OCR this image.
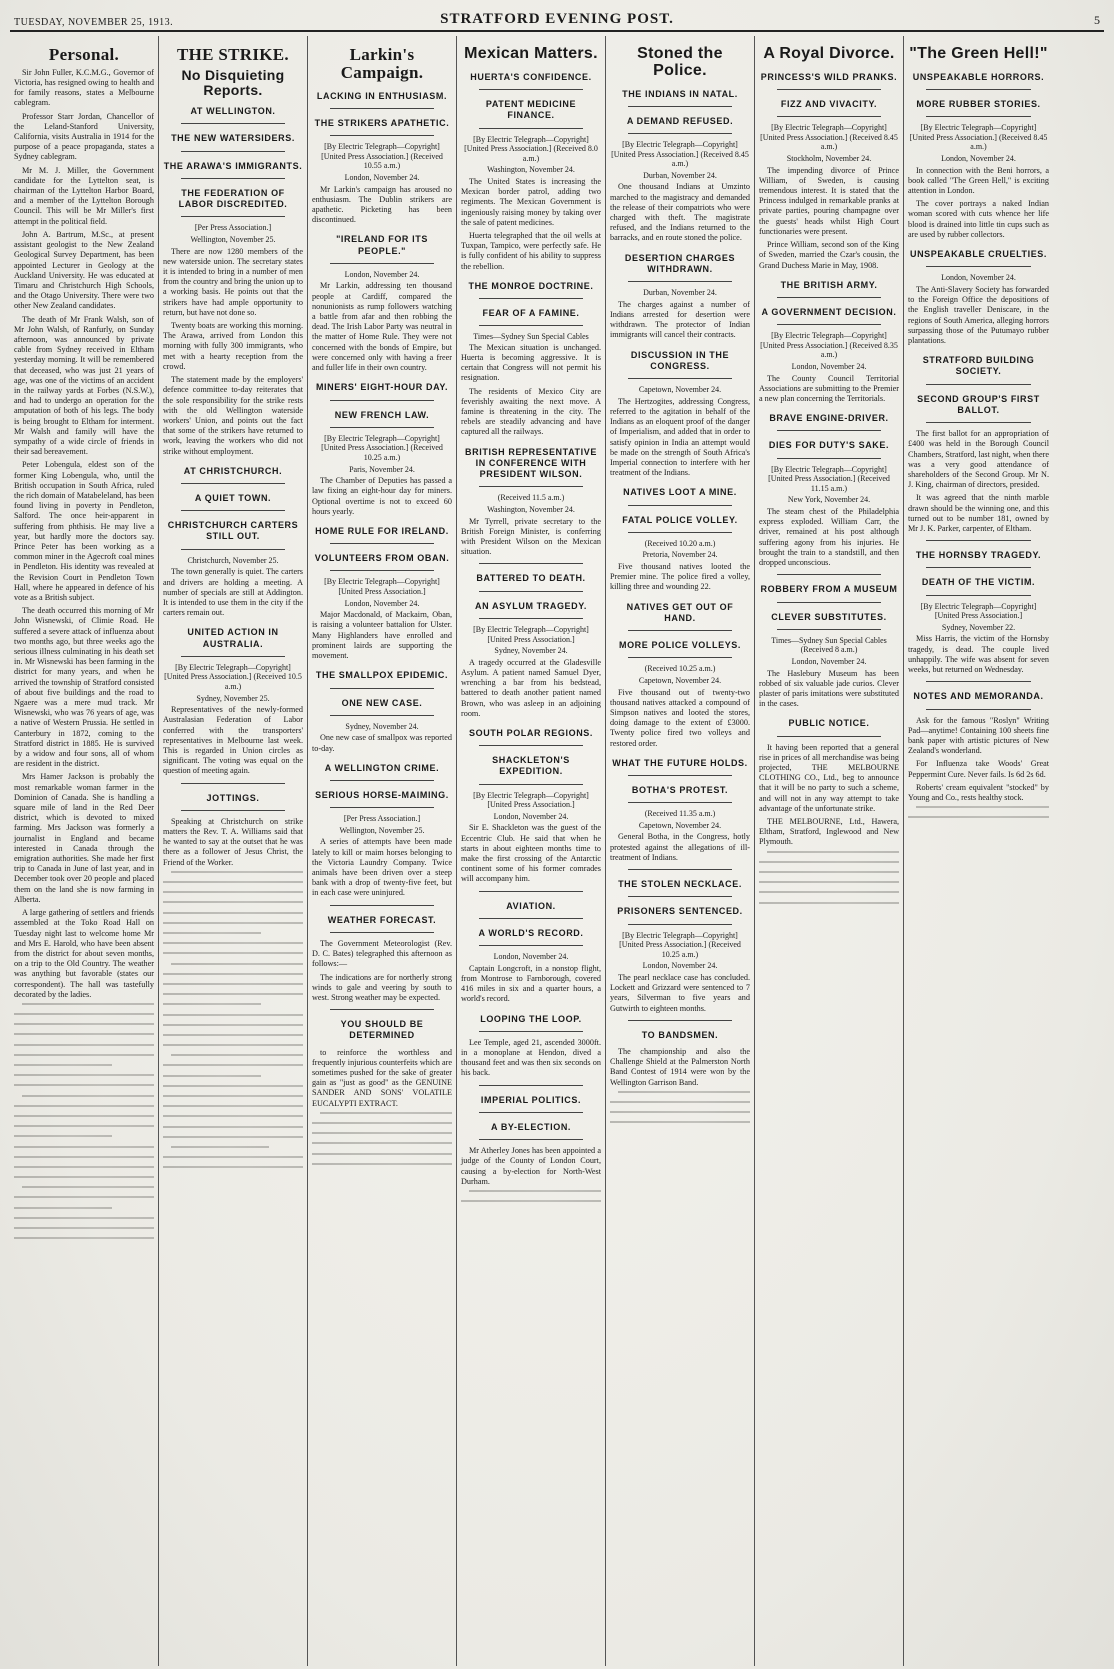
TUESDAY, NOVEMBER 25, 1913.	STRATFORD EVENING POST.	5
Personal.
Sir John Fuller, K.C.M.G., Governor of Victoria, has resigned owing to health and for family reasons, states a Melbourne cablegram.
Professor Starr Jordan, Chancellor of the Leland-Stanford University, California, visits Australia in 1914 for the purpose of a peace propaganda, states a Sydney cablegram.
Mr M. J. Miller, the Government candidate for the Lyttelton seat, is chairman of the Lyttelton Harbor Board, and a member of the Lyttelton Borough Council. This will be Mr Miller's first attempt in the political field.
John A. Bartrum, M.Sc., at present assistant geologist to the New Zealand Geological Survey Department, has been appointed Lecturer in Geology at the Auckland University. He was educated at Timaru and Christchurch High Schools, and the Otago University. There were two other New Zealand candidates.
The death of Mr Frank Walsh, son of Mr John Walsh, of Ranfurly, on Sunday afternoon, was announced by private cable from Sydney received in Eltham yesterday morning. It will be remembered that deceased, who was just 21 years of age, was one of the victims of an accident in the railway yards at Forbes (N.S.W.), and had to undergo an operation for the amputation of both of his legs. The body is being brought to Eltham for interment. Mr Walsh and family will have the sympathy of a wide circle of friends in their sad bereavement.
Peter Lobengula, eldest son of the former King Lobengula, who, until the British occupation in South Africa, ruled the rich domain of Matabeleland, has been found living in poverty in Pendleton, Salford. The once heir-apparent in suffering from phthisis. He may live a year, but hardly more the doctors say. Prince Peter has been working as a common miner in the Agecroft coal mines in Pendleton. His identity was revealed at the Revision Court in Pendleton Town Hall, where he appeared in defence of his vote as a British subject.
The death occurred this morning of Mr John Wisnewski, of Climie Road. He suffered a severe attack of influenza about two months ago, but three weeks ago the serious illness culminating in his death set in. Mr Wisnewski has been farming in the district for many years, and when he arrived the township of Stratford consisted of about five buildings and the road to Ngaere was a mere mud track. Mr Wisnewski, who was 76 years of age, was a native of Western Prussia. He settled in Canterbury in 1872, coming to the Stratford district in 1885. He is survived by a widow and four sons, all of whom are resident in the district.
Mrs Hamer Jackson is probably the most remarkable woman farmer in the Dominion of Canada. She is handling a square mile of land in the Red Deer district, which is devoted to mixed farming. Mrs Jackson was formerly a journalist in England and became interested in Canada through the emigration authorities. She made her first trip to Canada in June of last year, and in December took over 20 people and placed them on the land she is now farming in Alberta.
A large gathering of settlers and friends assembled at the Toko Road Hall on Tuesday night last to welcome home Mr and Mrs E. Harold, who have been absent from the district for about seven months, on a trip to the Old Country. The weather was anything but favorable (states our correspondent). The hall was tastefully decorated by the ladies.
THE STRIKE.
No Disquieting Reports.
AT WELLINGTON.
THE NEW WATERSIDERS.
THE ARAWA'S IMMIGRANTS.
THE FEDERATION OF LABOR DISCREDITED.
[Per Press Association.]
Wellington, November 25.
There are now 1280 members of the new waterside union. The secretary states it is intended to bring in a number of men from the country and bring the union up to a working basis. He points out that the strikers have had ample opportunity to return, but have not done so.
Twenty boats are working this morning. The Arawa, arrived from London this morning with fully 300 immigrants, who met with a hearty reception from the crowd.
The statement made by the employers' defence committee to-day reiterates that the sole responsibility for the strike rests with the old Wellington waterside workers' Union, and points out the fact that some of the strikers have returned to work, leaving the workers who did not strike without employment.
AT CHRISTCHURCH.
A QUIET TOWN.
CHRISTCHURCH CARTERS STILL OUT.
Christchurch, November 25.
The town generally is quiet. The carters and drivers are holding a meeting. A number of specials are still at Addington. It is intended to use them in the city if the carters remain out.
UNITED ACTION IN AUSTRALIA.
[By Electric Telegraph—Copyright] [United Press Association.] (Received 10.5 a.m.)
Sydney, November 25.
Representatives of the newly-formed Australasian Federation of Labor conferred with the transporters' representatives in Melbourne last week. This is regarded in Union circles as significant. The voting was equal on the question of meeting again.
JOTTINGS.
Speaking at Christchurch on strike matters the Rev. T. A. Williams said that he wanted to say at the outset that he was there as a follower of Jesus Christ, the Friend of the Worker.
Larkin's Campaign.
LACKING IN ENTHUSIASM.
THE STRIKERS APATHETIC.
[By Electric Telegraph—Copyright] [United Press Association.] (Received 10.55 a.m.)
London, November 24.
Mr Larkin's campaign has aroused no enthusiasm. The Dublin strikers are apathetic. Picketing has been discontinued.
"IRELAND FOR ITS PEOPLE."
London, November 24.
Mr Larkin, addressing ten thousand people at Cardiff, compared the nonunionists as rump followers watching a battle from afar and then robbing the dead. The Irish Labor Party was neutral in the matter of Home Rule. They were not concerned with the bonds of Empire, but were concerned only with having a freer and fuller life in their own country.
MINERS' EIGHT-HOUR DAY.
NEW FRENCH LAW.
[By Electric Telegraph—Copyright] [United Press Association.] (Received 10.25 a.m.)
Paris, November 24.
The Chamber of Deputies has passed a law fixing an eight-hour day for miners. Optional overtime is not to exceed 60 hours yearly.
HOME RULE FOR IRELAND.
VOLUNTEERS FROM OBAN.
[By Electric Telegraph—Copyright] [United Press Association.]
London, November 24.
Major Macdonald, of Mackairn, Oban, is raising a volunteer battalion for Ulster. Many Highlanders have enrolled and prominent lairds are supporting the movement.
THE SMALLPOX EPIDEMIC.
ONE NEW CASE.
Sydney, November 24.
One new case of smallpox was reported to-day.
A WELLINGTON CRIME.
SERIOUS HORSE-MAIMING.
[Per Press Association.]
Wellington, November 25.
A series of attempts have been made lately to kill or maim horses belonging to the Victoria Laundry Company. Twice animals have been driven over a steep bank with a drop of twenty-five feet, but in each case were uninjured.
WEATHER FORECAST.
The Government Meteorologist (Rev. D. C. Bates) telegraphed this afternoon as follows:—
The indications are for northerly strong winds to gale and veering by south to west. Strong weather may be expected.
YOU SHOULD BE DETERMINED
to reinforce the worthless and frequently injurious counterfeits which are sometimes pushed for the sake of greater gain as "just as good" as the GENUINE SANDER AND SONS' VOLATILE EUCALYPTI EXTRACT.
Mexican Matters.
HUERTA'S CONFIDENCE.
PATENT MEDICINE FINANCE.
[By Electric Telegraph—Copyright] [United Press Association.] (Received 8.0 a.m.)
Washington, November 24.
The United States is increasing the Mexican border patrol, adding two regiments. The Mexican Government is ingeniously raising money by taking over the sale of patent medicines.
Huerta telegraphed that the oil wells at Tuxpan, Tampico, were perfectly safe. He is fully confident of his ability to suppress the rebellion.
THE MONROE DOCTRINE.
FEAR OF A FAMINE.
Times—Sydney Sun Special Cables
The Mexican situation is unchanged. Huerta is becoming aggressive. It is certain that Congress will not permit his resignation.
The residents of Mexico City are feverishly awaiting the next move. A famine is threatening in the city. The rebels are steadily advancing and have captured all the railways.
BRITISH REPRESENTATIVE IN CONFERENCE WITH PRESIDENT WILSON.
(Received 11.5 a.m.)
Washington, November 24.
Mr Tyrrell, private secretary to the British Foreign Minister, is conferring with President Wilson on the Mexican situation.
BATTERED TO DEATH.
AN ASYLUM TRAGEDY.
[By Electric Telegraph—Copyright] [United Press Association.]
Sydney, November 24.
A tragedy occurred at the Gladesville Asylum. A patient named Samuel Dyer, wrenching a bar from his bedstead, battered to death another patient named Brown, who was asleep in an adjoining room.
SOUTH POLAR REGIONS.
SHACKLETON'S EXPEDITION.
[By Electric Telegraph—Copyright] [United Press Association.]
London, November 24.
Sir E. Shackleton was the guest of the Eccentric Club. He said that when he starts in about eighteen months time to make the first crossing of the Antarctic continent some of his former comrades will accompany him.
AVIATION.
A WORLD'S RECORD.
London, November 24.
Captain Longcroft, in a nonstop flight, from Montrose to Farnborough, covered 416 miles in six and a quarter hours, a world's record.
LOOPING THE LOOP.
Lee Temple, aged 21, ascended 3000ft. in a monoplane at Hendon, dived a thousand feet and was then six seconds on his back.
IMPERIAL POLITICS.
A BY-ELECTION.
Mr Atherley Jones has been appointed a judge of the County of London Court, causing a by-election for North-West Durham.
Stoned the Police.
THE INDIANS IN NATAL.
A DEMAND REFUSED.
[By Electric Telegraph—Copyright] [United Press Association.] (Received 8.45 a.m.)
Durban, November 24.
One thousand Indians at Umzinto marched to the magistracy and demanded the release of their compatriots who were charged with theft. The magistrate refused, and the Indians returned to the barracks, and en route stoned the police.
DESERTION CHARGES WITHDRAWN.
Durban, November 24.
The charges against a number of Indians arrested for desertion were withdrawn. The protector of Indian immigrants will cancel their contracts.
DISCUSSION IN THE CONGRESS.
Capetown, November 24.
The Hertzogites, addressing Congress, referred to the agitation in behalf of the Indians as an eloquent proof of the danger of Imperialism, and added that in order to satisfy opinion in India an attempt would be made on the strength of South Africa's Imperial connection to interfere with her treatment of the Indians.
NATIVES LOOT A MINE.
FATAL POLICE VOLLEY.
(Received 10.20 a.m.)
Pretoria, November 24.
Five thousand natives looted the Premier mine. The police fired a volley, killing three and wounding 22.
NATIVES GET OUT OF HAND.
MORE POLICE VOLLEYS.
(Received 10.25 a.m.)
Capetown, November 24.
Five thousand out of twenty-two thousand natives attacked a compound of Simpson natives and looted the stores, doing damage to the extent of £3000. Twenty police fired two volleys and restored order.
WHAT THE FUTURE HOLDS.
BOTHA'S PROTEST.
(Received 11.35 a.m.)
Capetown, November 24.
General Botha, in the Congress, hotly protested against the allegations of ill-treatment of Indians.
THE STOLEN NECKLACE.
PRISONERS SENTENCED.
[By Electric Telegraph—Copyright] [United Press Association.] (Received 10.25 a.m.)
London, November 24.
The pearl necklace case has concluded. Lockett and Grizzard were sentenced to 7 years, Silverman to five years and Gutwirth to eighteen months.
TO BANDSMEN.
The championship and also the Challenge Shield at the Palmerston North Band Contest of 1914 were won by the Wellington Garrison Band.
A Royal Divorce.
PRINCESS'S WILD PRANKS.
FIZZ AND VIVACITY.
[By Electric Telegraph—Copyright] [United Press Association.] (Received 8.45 a.m.)
Stockholm, November 24.
The impending divorce of Prince William, of Sweden, is causing tremendous interest. It is stated that the Princess indulged in remarkable pranks at private parties, pouring champagne over the guests' heads whilst High Court functionaries were present.
Prince William, second son of the King of Sweden, married the Czar's cousin, the Grand Duchess Marie in May, 1908.
THE BRITISH ARMY.
A GOVERNMENT DECISION.
[By Electric Telegraph—Copyright] [United Press Association.] (Received 8.35 a.m.)
London, November 24.
The County Council Territorial Associations are submitting to the Premier a new plan concerning the Territorials.
BRAVE ENGINE-DRIVER.
DIES FOR DUTY'S SAKE.
[By Electric Telegraph—Copyright] [United Press Association.] (Received 11.15 a.m.)
New York, November 24.
The steam chest of the Philadelphia express exploded. William Carr, the driver, remained at his post although suffering agony from his injuries. He brought the train to a standstill, and then dropped unconscious.
ROBBERY FROM A MUSEUM
CLEVER SUBSTITUTES.
Times—Sydney Sun Special Cables (Received 8 a.m.)
London, November 24.
The Haslebury Museum has been robbed of six valuable jade curios. Clever plaster of paris imitations were substituted in the cases.
PUBLIC NOTICE.
It having been reported that a general rise in prices of all merchandise was being projected, THE MELBOURNE CLOTHING CO., Ltd., beg to announce that it will be no party to such a scheme, and will not in any way attempt to take advantage of the unfortunate strike.
THE MELBOURNE, Ltd., Hawera, Eltham, Stratford, Inglewood and New Plymouth.
"The Green Hell!"
UNSPEAKABLE HORRORS.
MORE RUBBER STORIES.
[By Electric Telegraph—Copyright] [United Press Association.] (Received 8.45 a.m.)
London, November 24.
In connection with the Beni horrors, a book called "The Green Hell," is exciting attention in London.
The cover portrays a naked Indian woman scored with cuts whence her life blood is drained into little tin cups such as are used by rubber collectors.
UNSPEAKABLE CRUELTIES.
London, November 24.
The Anti-Slavery Society has forwarded to the Foreign Office the depositions of the English traveller Deniscare, in the regions of South America, alleging horrors surpassing those of the Putumayo rubber plantations.
STRATFORD BUILDING SOCIETY.
SECOND GROUP'S FIRST BALLOT.
The first ballot for an appropriation of £400 was held in the Borough Council Chambers, Stratford, last night, when there was a very good attendance of shareholders of the Second Group. Mr N. J. King, chairman of directors, presided.
It was agreed that the ninth marble drawn should be the winning one, and this turned out to be number 181, owned by Mr J. K. Parker, carpenter, of Eltham.
THE HORNSBY TRAGEDY.
DEATH OF THE VICTIM.
[By Electric Telegraph—Copyright] [United Press Association.]
Sydney, November 22.
Miss Harris, the victim of the Hornsby tragedy, is dead. The couple lived unhappily. The wife was absent for seven weeks, but returned on Wednesday.
NOTES AND MEMORANDA.
Ask for the famous "Roslyn" Writing Pad—anytime! Containing 100 sheets fine bank paper with artistic pictures of New Zealand's wonderland.
For Influenza take Woods' Great Peppermint Cure. Never fails. Is 6d 2s 6d.
Roberts' cream equivalent "stocked" by Young and Co., rests healthy stock.
